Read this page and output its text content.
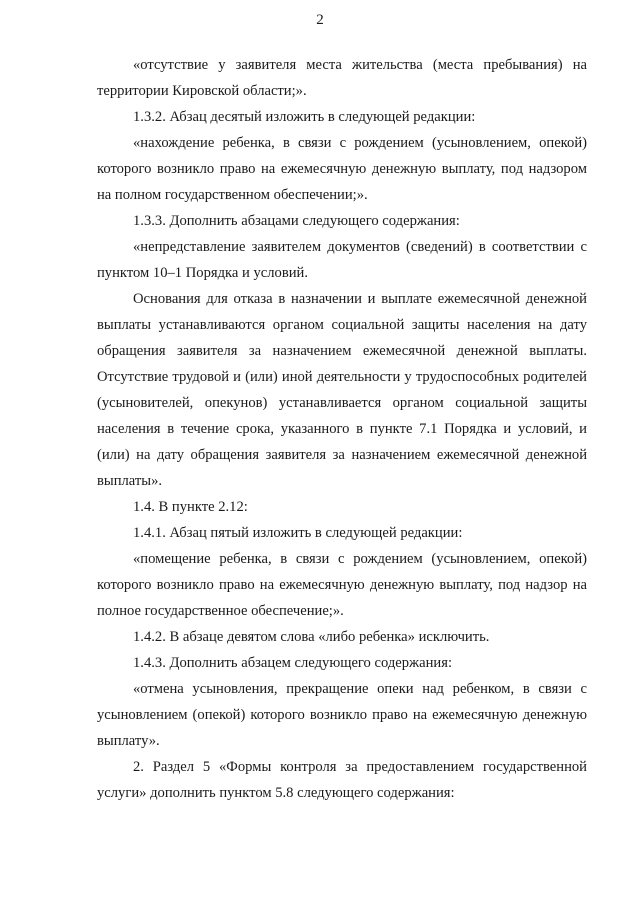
2

«отсутствие у заявителя места жительства (места пребывания) на территории Кировской области;».

1.3.2. Абзац десятый изложить в следующей редакции:

«нахождение ребенка, в связи с рождением (усыновлением, опекой) которого возникло право на ежемесячную денежную выплату, под надзором на полном государственном обеспечении;».

1.3.3. Дополнить абзацами следующего содержания:

«непредставление заявителем документов (сведений) в соответствии с пунктом 10–1 Порядка и условий.

Основания для отказа в назначении и выплате ежемесячной денежной выплаты устанавливаются органом социальной защиты населения на дату обращения заявителя за назначением ежемесячной денежной выплаты. Отсутствие трудовой и (или) иной деятельности у трудоспособных родителей (усыновителей, опекунов) устанавливается органом социальной защиты населения в течение срока, указанного в пункте 7.1 Порядка и условий, и (или) на дату обращения заявителя за назначением ежемесячной денежной выплаты».

1.4. В пункте 2.12:

1.4.1. Абзац пятый изложить в следующей редакции:

«помещение ребенка, в связи с рождением (усыновлением, опекой) которого возникло право на ежемесячную денежную выплату, под надзор на полное государственное обеспечение;».

1.4.2. В абзаце девятом слова «либо ребенка» исключить.

1.4.3. Дополнить абзацем следующего содержания:

«отмена усыновления, прекращение опеки над ребенком, в связи с усыновлением (опекой) которого возникло право на ежемесячную денежную выплату».

2. Раздел 5 «Формы контроля за предоставлением государственной услуги» дополнить пунктом 5.8 следующего содержания:
